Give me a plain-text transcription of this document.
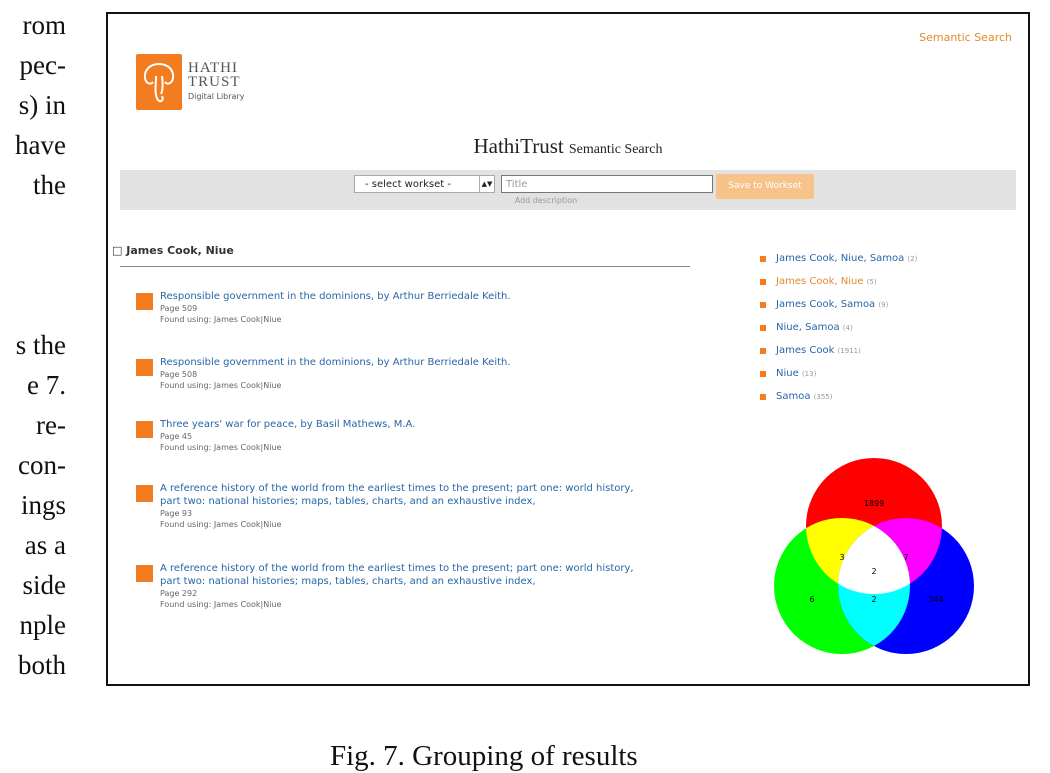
rom
pec-
s) in
have
the
s the
e 7.
re-
con-
ings
as a
side
nple
both
Semantic Search
HATHI
TRUST
Digital Library
HathiTrust Semantic Search
- select workset -	▲▼	Title
Add description
Save to Workset
□ James Cook, Niue
Responsible government in the dominions, by Arthur Berriedale Keith.
Page 509
Found using: James Cook|Niue
Responsible government in the dominions, by Arthur Berriedale Keith.
Page 508
Found using: James Cook|Niue
Three years' war for peace, by Basil Mathews, M.A.
Page 45
Found using: James Cook|Niue
A reference history of the world from the earliest times to the present; part one: world history, part two: national histories; maps, tables, charts, and an exhaustive index,
Page 93
Found using: James Cook|Niue
A reference history of the world from the earliest times to the present; part one: world history, part two: national histories; maps, tables, charts, and an exhaustive index,
Page 292
Found using: James Cook|Niue
James Cook, Niue, Samoa (2)
James Cook, Niue (5)
James Cook, Samoa (9)
Niue, Samoa (4)
James Cook (1911)
Niue (13)
Samoa (355)
1899
3	7
2
6	2	344
Fig. 7. Grouping of results
